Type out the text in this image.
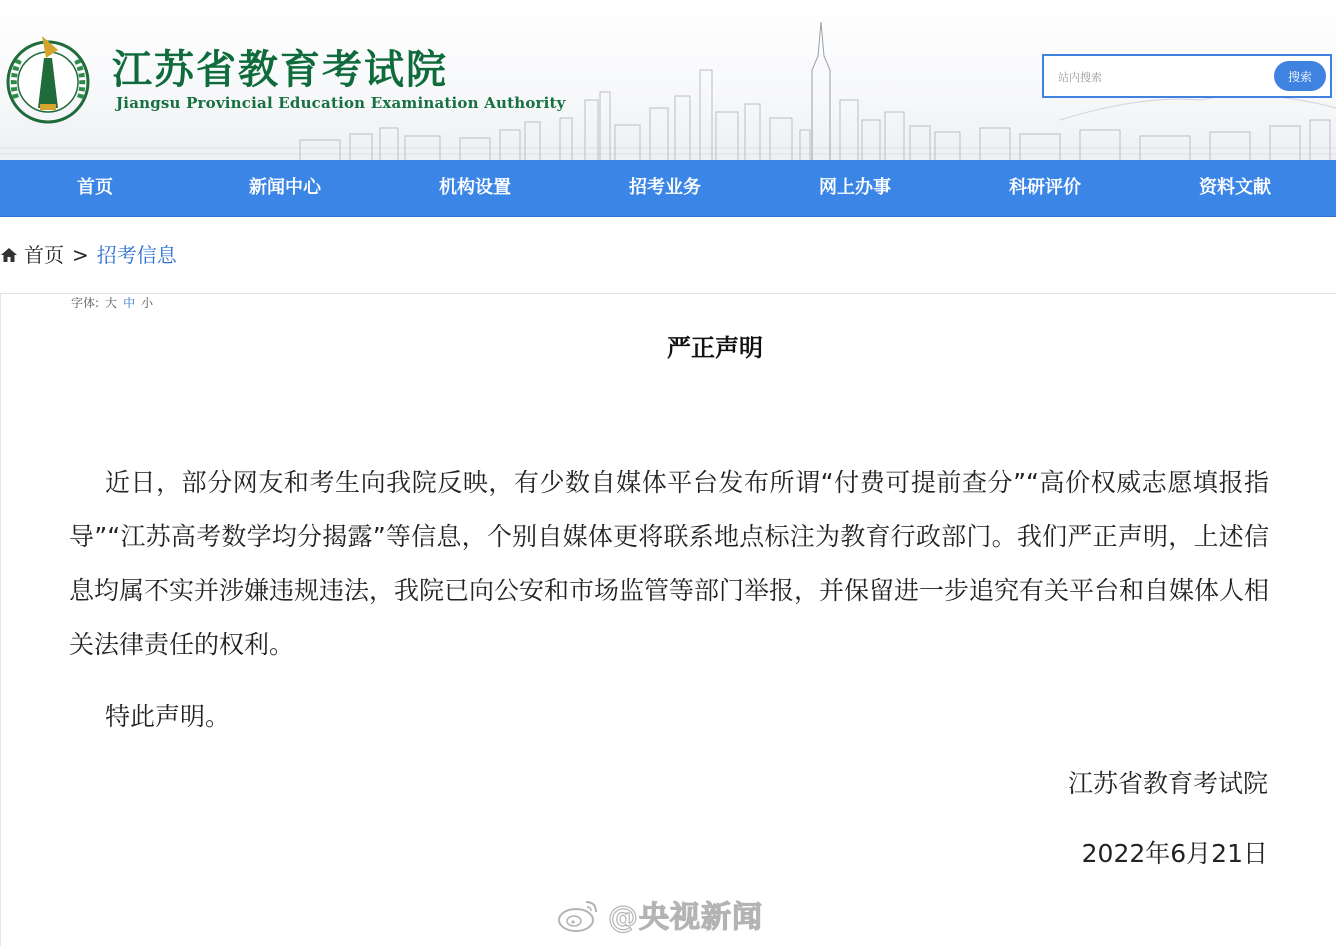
江苏省教育考试院
Jiangsu Provincial Education Examination Authority
站内搜索
搜索
首页	新闻中心	机构设置	招考业务	网上办事	科研评价	资料文献
首页 > 招考信息
字体: 大 中 小
严正声明

近日，部分网友和考生向我院反映，有少数自媒体平台发布所谓“付费可提前查分”“高价权威志愿填报指导”“江苏高考数学均分揭露”等信息，个别自媒体更将联系地点标注为教育行政部门。我们严正声明，上述信息均属不实并涉嫌违规违法，我院已向公安和市场监管等部门举报，并保留进一步追究有关平台和自媒体人相关法律责任的权利。

特此声明。

江苏省教育考试院
2022年6月21日
@央视新闻
